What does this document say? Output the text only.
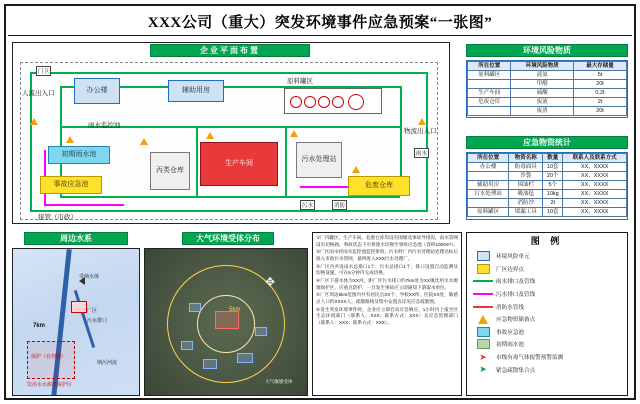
XXX公司（重大）突发环境事件应急预案“一张图”
企业平面布置
办公楼	辅助用房
原料罐区
初期雨水池
事故应急池
丙类仓库
生产车间
污水处理站
危废仓库
人流出入口
雨水监控池
物流出入口
接管（市政）
门卫
污水
雨水
消防
环境风险物质
所在位置	环境风险物质	最大存储量
原料罐区	液氨	5t
	甲醇	20t
生产车间	硫酸	0.2t
危废仓库	废液	2t
	废渣	20t
应急物资统计
所在位置	物资名称	数量	联系人及联系方式
办公楼	防毒面具	10套	XX、XXXX
	沙袋	20个	XX、XXXX
辅助用房	围油栏	5个	XX、XXXX
污水处理站	吸油毡	10kg	XX、XXXX
	消防沙	2t	XX、XXXX
原料罐区	堵漏工具	10套	XX、XXXX
周边水系
受纳水体
厂区
污水排口
7km
保护（有控制）
饮用水水源地保护区
纳污河流
大气环境受体分布
5km
大气敏感受体
✥

①厂内罐区、生产车间、危废仓库均设有围堰及事故导排沟，雨水管网设有切换阀，事故状态下可将废水切换至事故应急池（容积1000m³）。

②厂区雨水经雨水监控池监控排放，污水经厂内污水处理站处理达标后接入市政污水管网，最终进入XXX污水处理厂。

③厂区内共设雨水总排口1个、污水总排口1个，排口设置自动监测及切换设施，可在5分钟内完成切换。

④厂区下游水体为XX河，距厂区污水排口约7km处为XX镇饮用水水源地保护区，应重点防护，一旦发生事故应立即通知下游取水单位。

⑤厂区周边5km范围内共有居民点XX个、学校XX所、医院XX处，敏感点人口约XXXX人，疏散路线及集中安置点详见应急疏散图。

⑥发生突发环境事件时，企业应立即启动应急响应，1小时内上报至区生态环境部门（联系人：XXX；联系方式：XXX）及应急管理部门（联系人：XXX；联系方式：XXX）。

图 例
环境风险单元
厂区边界点
雨水排口及管线
污水排口及管线
消防水管线
应急物资储备点
事故应急池
初期雨水池
➤	市级有毒气体报警预警监测
➤	紧急疏散集合点
